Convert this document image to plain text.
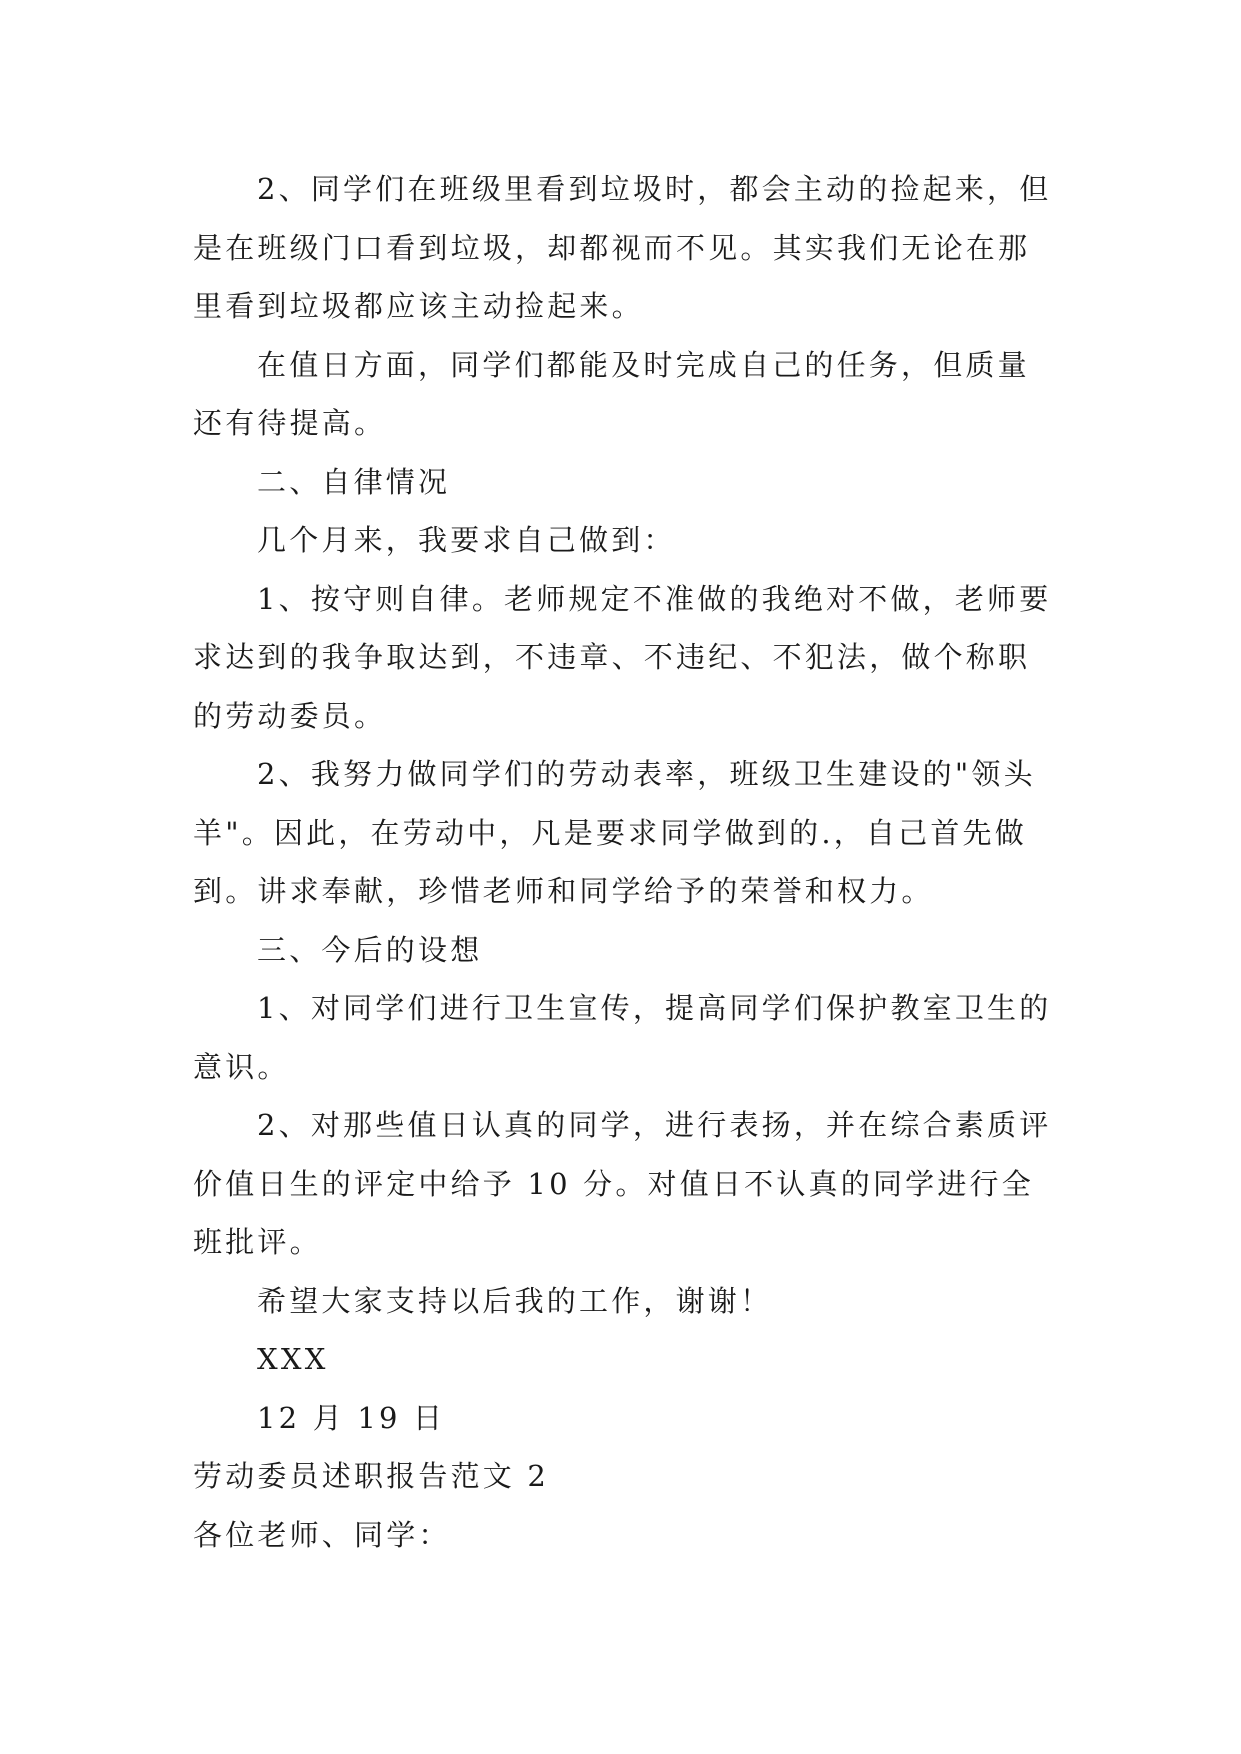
2、同学们在班级里看到垃圾时，都会主动的捡起来，但是在班级门口看到垃圾，却都视而不见。其实我们无论在那里看到垃圾都应该主动捡起来。

在值日方面，同学们都能及时完成自己的任务，但质量还有待提高。

二、自律情况

几个月来，我要求自己做到：

1、按守则自律。老师规定不准做的我绝对不做，老师要求达到的我争取达到，不违章、不违纪、不犯法，做个称职的劳动委员。

2、我努力做同学们的劳动表率，班级卫生建设的"领头羊"。因此，在劳动中，凡是要求同学做到的.，自己首先做到。讲求奉献，珍惜老师和同学给予的荣誉和权力。

三、今后的设想

1、对同学们进行卫生宣传，提高同学们保护教室卫生的意识。

2、对那些值日认真的同学，进行表扬，并在综合素质评价值日生的评定中给予 10 分。对值日不认真的同学进行全班批评。

希望大家支持以后我的工作，谢谢！

XXX

12 月 19 日

劳动委员述职报告范文 2

各位老师、同学：
